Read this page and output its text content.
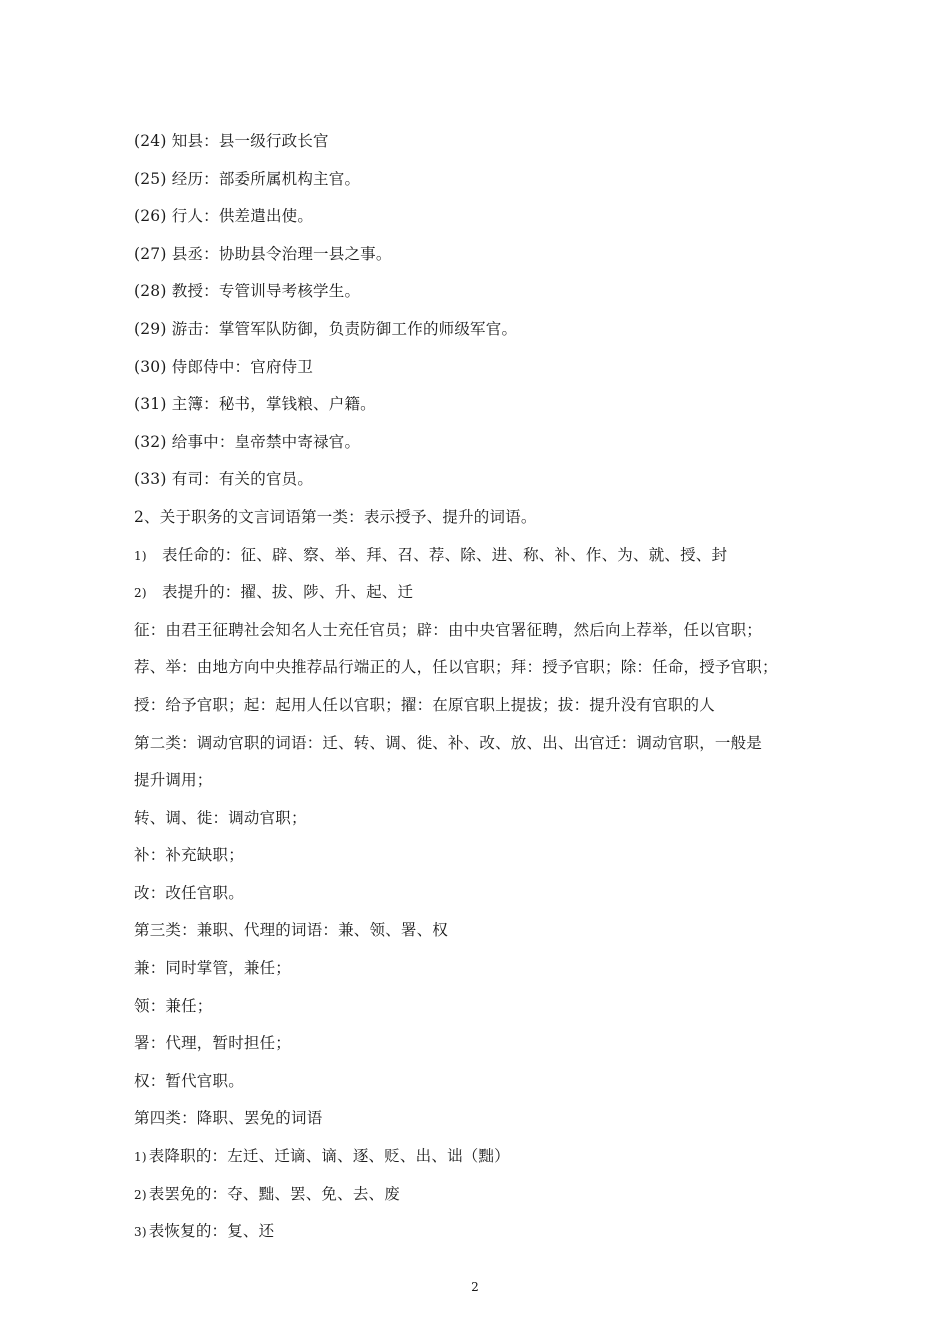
(24) 知县：县一级行政长官
(25) 经历：部委所属机构主官。
(26) 行人：供差遣出使。
(27) 县丞：协助县令治理一县之事。
(28) 教授：专管训导考核学生。
(29) 游击：掌管军队防御，负责防御工作的师级军官。
(30) 侍郎侍中：官府侍卫
(31) 主簿：秘书，掌钱粮、户籍。
(32) 给事中：皇帝禁中寄禄官。
(33) 有司：有关的官员。
2、关于职务的文言词语第一类：表示授予、提升的词语。
1) 表任命的：征、辟、察、举、拜、召、荐、除、进、称、补、作、为、就、授、封
2) 表提升的：擢、拔、陟、升、起、迁
征：由君王征聘社会知名人士充任官员；辟：由中央官署征聘，然后向上荐举，任以官职；
荐、举：由地方向中央推荐品行端正的人，任以官职；拜：授予官职；除：任命，授予官职；
授：给予官职；起：起用人任以官职；擢：在原官职上提拔；拔：提升没有官职的人
第二类：调动官职的词语：迁、转、调、徙、补、改、放、出、出官迁：调动官职，一般是
提升调用；
转、调、徙：调动官职；
补：补充缺职；
改：改任官职。
第三类：兼职、代理的词语：兼、领、署、权
兼：同时掌管，兼任；
领：兼任；
署：代理，暂时担任；
权：暂代官职。
第四类：降职、罢免的词语
1) 表降职的：左迁、迁谪、谪、逐、贬、出、诎（黜）
2) 表罢免的：夺、黜、罢、免、去、废
3) 表恢复的：复、还
2
